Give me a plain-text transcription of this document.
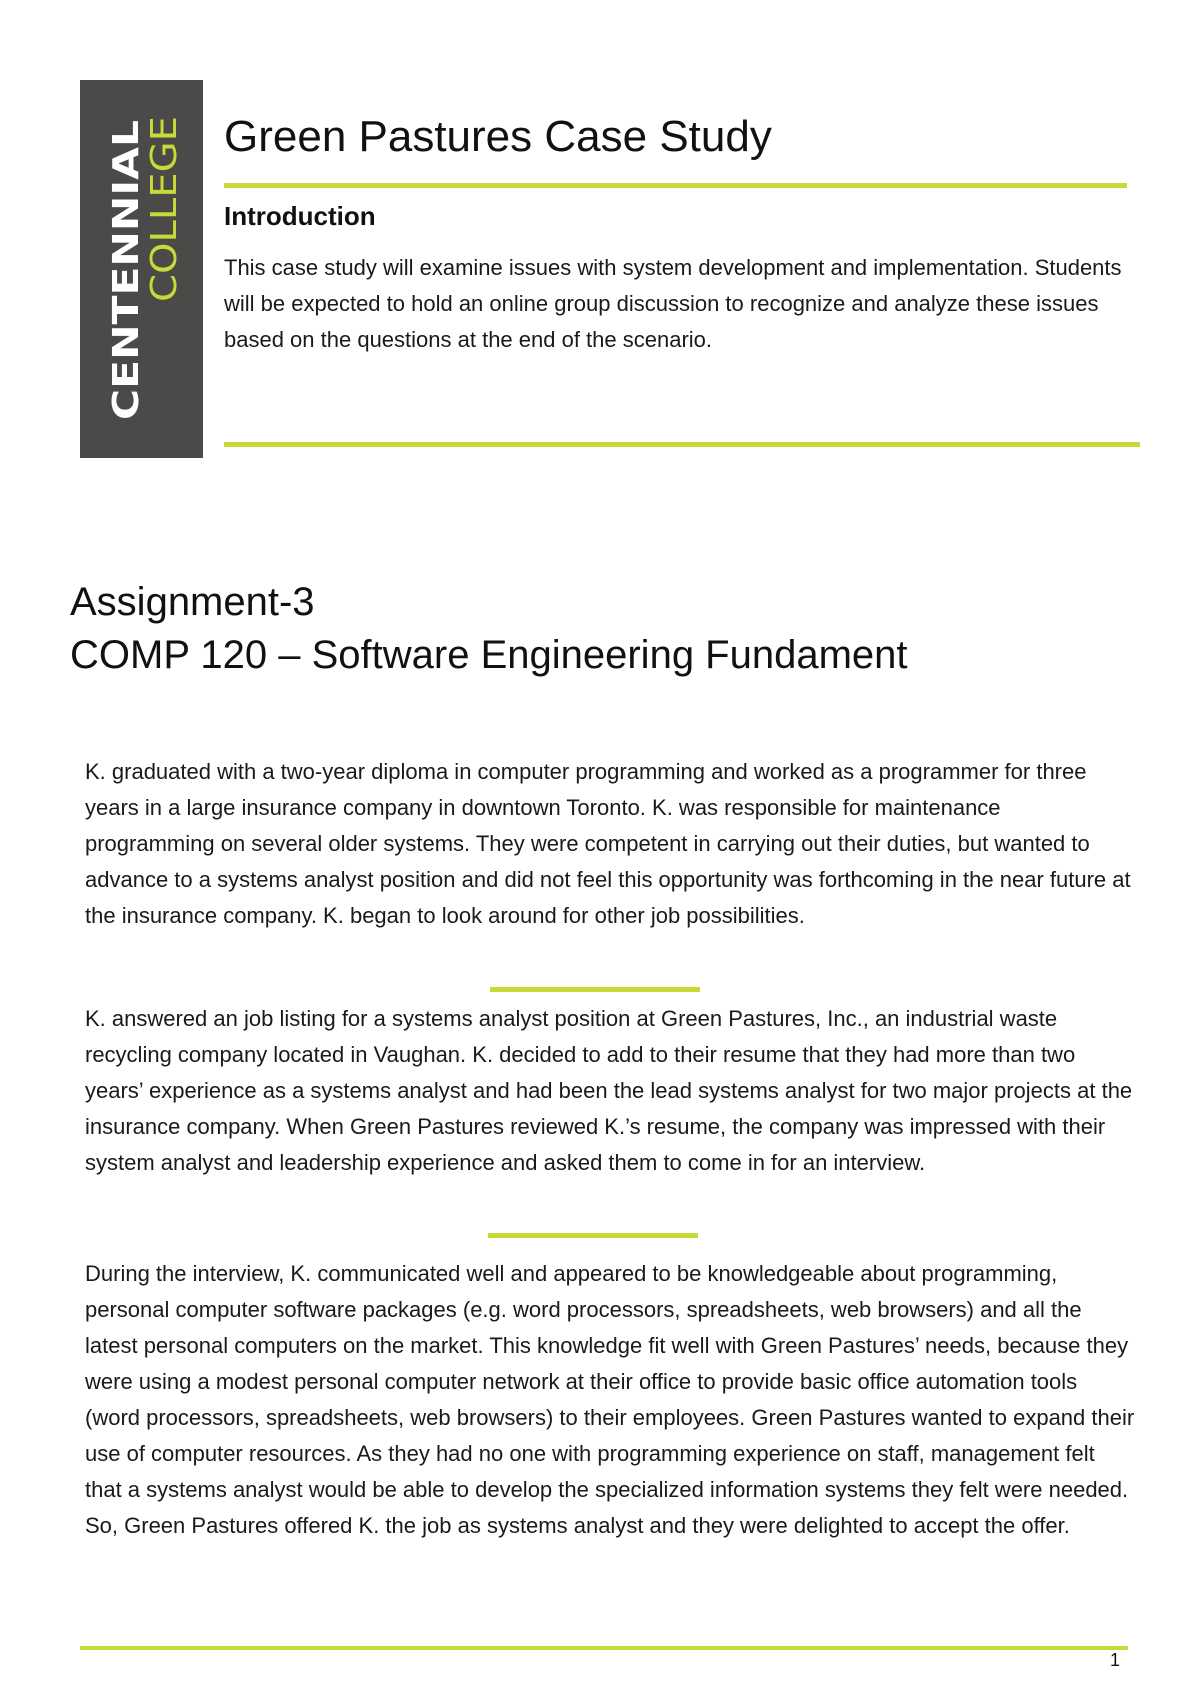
CENTENNIAL
COLLEGE Green Pastures Case Study
Introduction

This case study will examine issues with system development and implementation. Students will be expected to hold an online group discussion to recognize and analyze these issues based on the questions at the end of the scenario.

Assignment-3
COMP 120 – Software Engineering Fundament

K. graduated with a two-year diploma in computer programming and worked as a programmer for three years in a large insurance company in downtown Toronto. K. was responsible for maintenance programming on several older systems. They were competent in carrying out their duties, but wanted to advance to a systems analyst position and did not feel this opportunity was forthcoming in the near future at the insurance company. K. began to look around for other job possibilities.

K. answered an job listing for a systems analyst position at Green Pastures, Inc., an industrial waste recycling company located in Vaughan. K. decided to add to their resume that they had more than two years’ experience as a systems analyst and had been the lead systems analyst for two major projects at the insurance company. When Green Pastures reviewed K.’s resume, the company was impressed with their system analyst and leadership experience and asked them to come in for an interview.

During the interview, K. communicated well and appeared to be knowledgeable about programming, personal computer software packages (e.g. word processors, spreadsheets, web browsers) and all the latest personal computers on the market. This knowledge fit well with Green Pastures’ needs, because they were using a modest personal computer network at their office to provide basic office automation tools (word processors, spreadsheets, web browsers) to their employees. Green Pastures wanted to expand their use of computer resources. As they had no one with programming experience on staff, management felt that a systems analyst would be able to develop the specialized information systems they felt were needed. So, Green Pastures offered K. the job as systems analyst and they were delighted to accept the offer.

1
